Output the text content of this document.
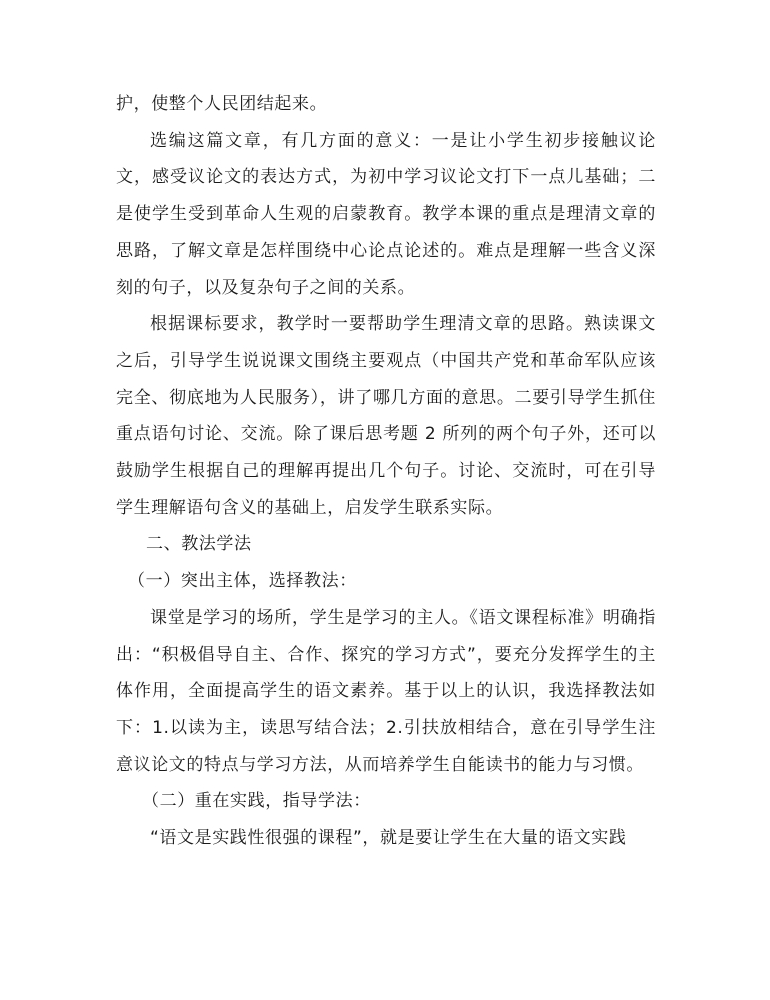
护，使整个人民团结起来。

选编这篇文章，有几方面的意义：一是让小学生初步接触议论文，感受议论文的表达方式，为初中学习议论文打下一点儿基础；二是使学生受到革命人生观的启蒙教育。教学本课的重点是理清文章的思路，了解文章是怎样围绕中心论点论述的。难点是理解一些含义深刻的句子，以及复杂句子之间的关系。

根据课标要求，教学时一要帮助学生理清文章的思路。熟读课文之后，引导学生说说课文围绕主要观点（中国共产党和革命军队应该完全、彻底地为人民服务），讲了哪几方面的意思。二要引导学生抓住重点语句讨论、交流。除了课后思考题 2 所列的两个句子外，还可以鼓励学生根据自己的理解再提出几个句子。讨论、交流时，可在引导学生理解语句含义的基础上，启发学生联系实际。

二、教法学法

（一）突出主体，选择教法：

课堂是学习的场所，学生是学习的主人。《语文课程标准》明确指出：“积极倡导自主、合作、探究的学习方式”，要充分发挥学生的主体作用，全面提高学生的语文素养。基于以上的认识，我选择教法如下：1.以读为主，读思写结合法；2.引扶放相结合，意在引导学生注意议论文的特点与学习方法，从而培养学生自能读书的能力与习惯。

（二）重在实践，指导学法：

“语文是实践性很强的课程”，就是要让学生在大量的语文实践
